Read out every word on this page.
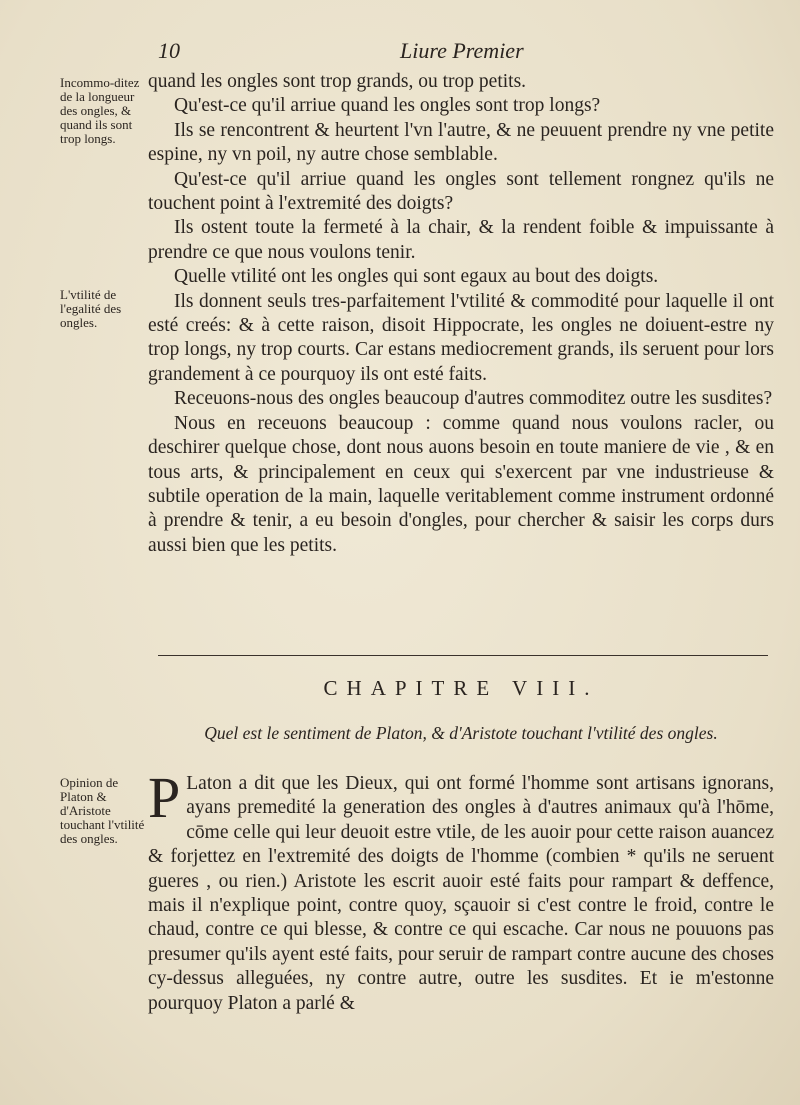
10	Liure Premier
Incommo-ditez de la longueur des ongles, & quand ils sont trop longs.
L'vtilité de l'egalité des ongles.
Opinion de Platon & d'Aristote touchant l'vtilité des ongles.

quand les ongles sont trop grands, ou trop petits.

Qu'est-ce qu'il arriue quand les ongles sont trop longs?

Ils se rencontrent & heurtent l'vn l'autre, & ne peuuent prendre ny vne petite espine, ny vn poil, ny autre chose semblable.

Qu'est-ce qu'il arriue quand les ongles sont tellement rongnez qu'ils ne touchent point à l'extremité des doigts?

Ils ostent toute la fermeté à la chair, & la rendent foible & impuissante à prendre ce que nous voulons tenir.

Quelle vtilité ont les ongles qui sont egaux au bout des doigts.

Ils donnent seuls tres-parfaitement l'vtilité & commodité pour laquelle il ont esté creés: & à cette raison, disoit Hippocrate, les ongles ne doiuent-estre ny trop longs, ny trop courts. Car estans mediocrement grands, ils seruent pour lors grandement à ce pourquoy ils ont esté faits.

Receuons-nous des ongles beaucoup d'autres commoditez outre les susdites?

Nous en receuons beaucoup : comme quand nous voulons racler, ou deschirer quelque chose, dont nous auons besoin en toute maniere de vie , & en tous arts, & principalement en ceux qui s'exercent par vne industrieuse & subtile operation de la main, laquelle veritablement comme instrument ordonné à prendre & tenir, a eu besoin d'ongles, pour chercher & saisir les corps durs aussi bien que les petits.

CHAPITRE VIII.
Quel est le sentiment de Platon, & d'Aristote touchant l'vtilité des ongles.

P Laton a dit que les Dieux, qui ont formé l'homme sont artisans ignorans, ayans premedité la generation des ongles à d'autres animaux qu'à l'hōme, cōme celle qui leur deuoit estre vtile, de les auoir pour cette raison auancez & forjettez en l'extremité des doigts de l'homme (combien * qu'ils ne seruent gueres , ou rien.) Aristote les escrit auoir esté faits pour rampart & deffence, mais il n'explique point, contre quoy, sçauoir si c'est contre le froid, contre le chaud, contre ce qui blesse, & contre ce qui escache. Car nous ne pouuons pas presumer qu'ils ayent esté faits, pour seruir de rampart contre aucune des choses cy-dessus alleguées, ny contre autre, outre les susdites. Et ie m'estonne pourquoy Platon a parlé &
